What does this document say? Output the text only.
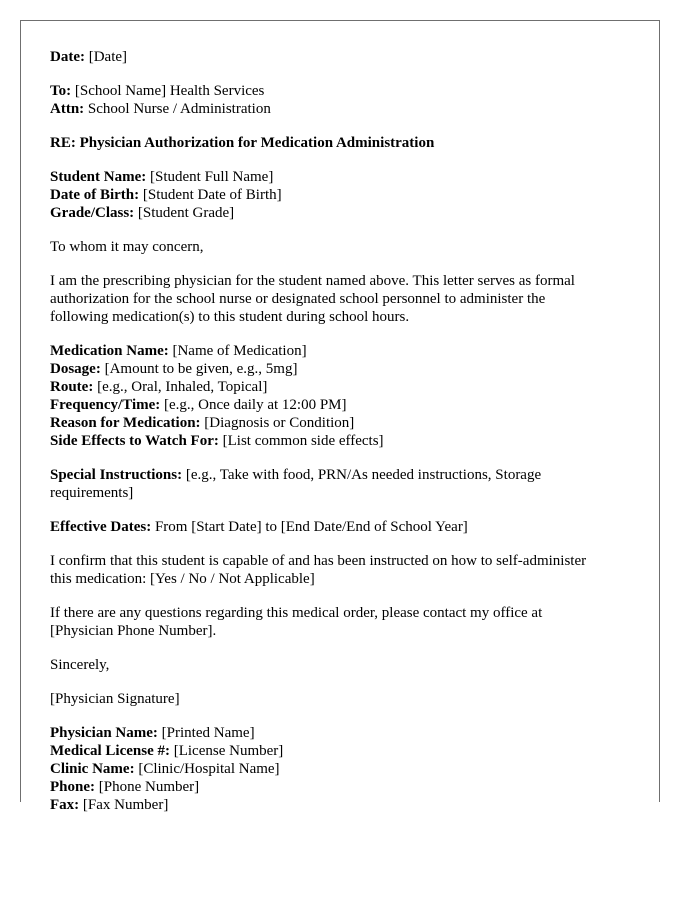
Date: [Date]

To: [School Name] Health Services
Attn: School Nurse / Administration

RE: Physician Authorization for Medication Administration

Student Name: [Student Full Name]
Date of Birth: [Student Date of Birth]
Grade/Class: [Student Grade]

To whom it may concern,

I am the prescribing physician for the student named above. This letter serves as formal
authorization for the school nurse or designated school personnel to administer the
following medication(s) to this student during school hours.

Medication Name: [Name of Medication]
Dosage: [Amount to be given, e.g., 5mg]
Route: [e.g., Oral, Inhaled, Topical]
Frequency/Time: [e.g., Once daily at 12:00 PM]
Reason for Medication: [Diagnosis or Condition]
Side Effects to Watch For: [List common side effects]

Special Instructions: [e.g., Take with food, PRN/As needed instructions, Storage
requirements]

Effective Dates: From [Start Date] to [End Date/End of School Year]

I confirm that this student is capable of and has been instructed on how to self-administer
this medication: [Yes / No / Not Applicable]

If there are any questions regarding this medical order, please contact my office at
[Physician Phone Number].

Sincerely,

[Physician Signature]

Physician Name: [Printed Name]
Medical License #: [License Number]
Clinic Name: [Clinic/Hospital Name]
Phone: [Phone Number]
Fax: [Fax Number]
